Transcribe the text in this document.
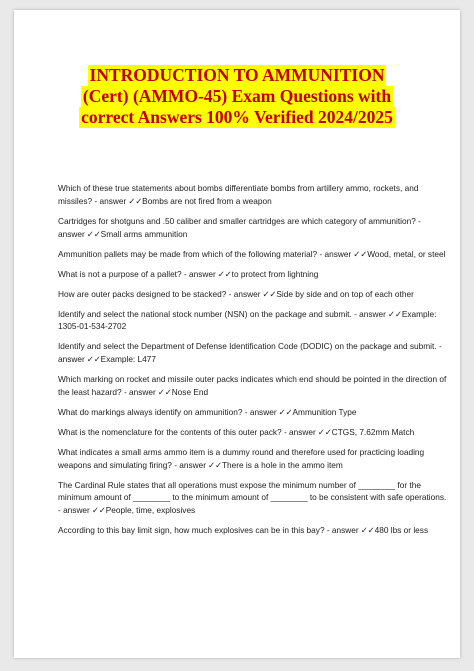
INTRODUCTION TO AMMUNITION
(Cert) (AMMO-45) Exam Questions with
correct Answers 100% Verified 2024/2025

Which of these true statements about bombs differentiate bombs from artillery ammo, rockets, and missiles? - answer ✓✓Bombs are not fired from a weapon

Cartridges for shotguns and .50 caliber and smaller cartridges are which category of ammunition? - answer ✓✓Small arms ammunition

Ammunition pallets may be made from which of the following material? - answer ✓✓Wood, metal, or steel

What is not a purpose of a pallet? - answer ✓✓to protect from lightning

How are outer packs designed to be stacked? - answer ✓✓Side by side and on top of each other

Identify and select the national stock number (NSN) on the package and submit. - answer ✓✓Example: 1305-01-534-2702

Identify and select the Department of Defense Identification Code (DODIC) on the package and submit. - answer ✓✓Example: L477

Which marking on rocket and missile outer packs indicates which end should be pointed in the direction of the least hazard? - answer ✓✓Nose End

What do markings always identify on ammunition? - answer ✓✓Ammunition Type

What is the nomenclature for the contents of this outer pack? - answer ✓✓CTGS, 7.62mm Match

What indicates a small arms ammo item is a dummy round and therefore used for practicing loading weapons and simulating firing? - answer ✓✓There is a hole in the ammo item

The Cardinal Rule states that all operations must expose the minimum number of ________ for the minimum amount of ________ to the minimum amount of ________ to be consistent with safe operations. - answer ✓✓People, time, explosives

According to this bay limit sign, how much explosives can be in this bay? - answer ✓✓480 lbs or less
